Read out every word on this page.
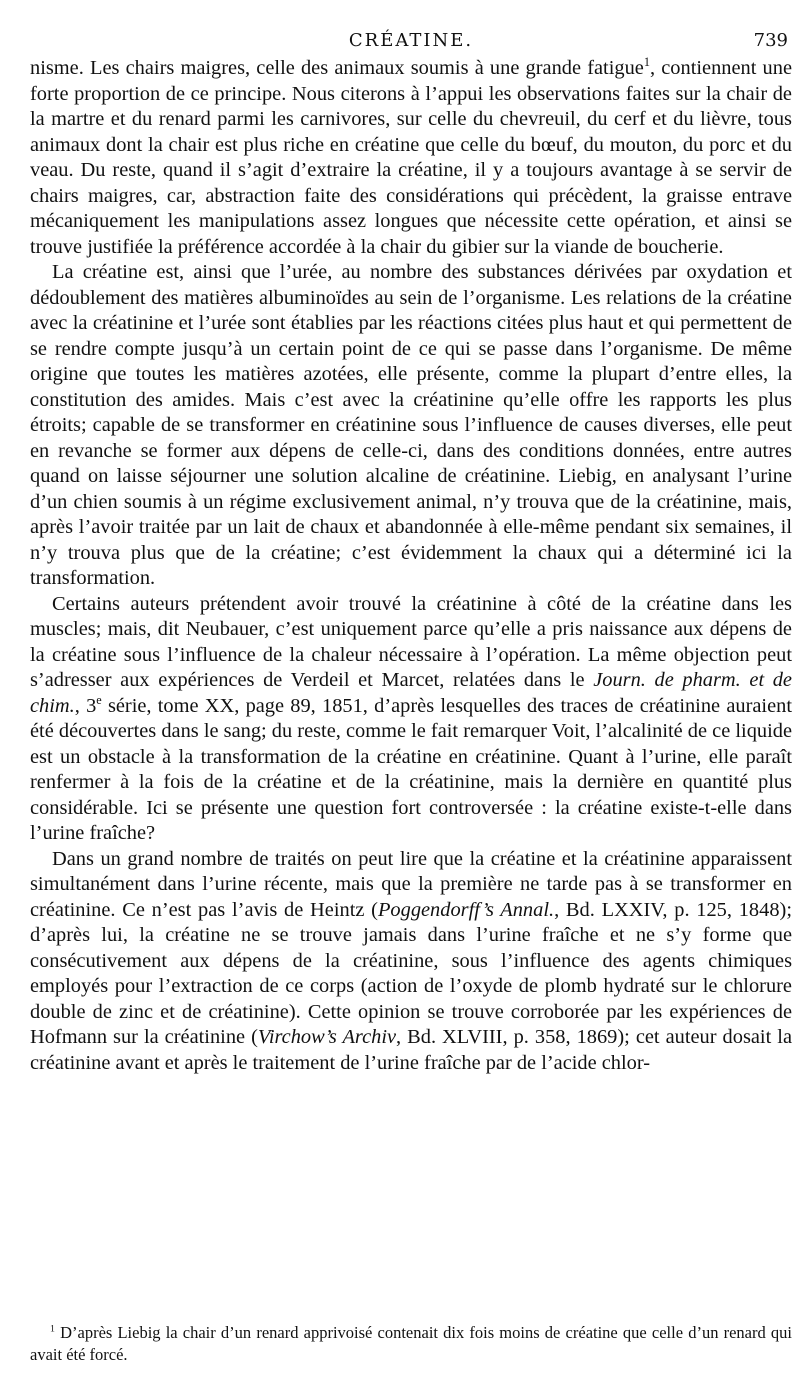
CRÉATINE.	739

nisme. Les chairs maigres, celle des animaux soumis à une grande fatigue$^1$, contiennent une forte proportion de ce principe. Nous citerons à l’appui les observations faites sur la chair de la martre et du renard parmi les carnivores, sur celle du chevreuil, du cerf et du lièvre, tous animaux dont la chair est plus riche en créatine que celle du bœuf, du mouton, du porc et du veau. Du reste, quand il s’agit d’extraire la créatine, il y a toujours avantage à se servir de chairs maigres, car, abstraction faite des considérations qui précèdent, la graisse entrave mécaniquement les manipulations assez longues que nécessite cette opération, et ainsi se trouve justifiée la préférence accordée à la chair du gibier sur la viande de boucherie.

La créatine est, ainsi que l’urée, au nombre des substances dérivées par oxydation et dédoublement des matières albuminoïdes au sein de l’organisme. Les relations de la créatine avec la créatinine et l’urée sont établies par les réactions citées plus haut et qui permettent de se rendre compte jusqu’à un certain point de ce qui se passe dans l’organisme. De même origine que toutes les matières azotées, elle présente, comme la plupart d’entre elles, la constitution des amides. Mais c’est avec la créatinine qu’elle offre les rapports les plus étroits; capable de se transformer en créatinine sous l’influence de causes diverses, elle peut en revanche se former aux dépens de celle-ci, dans des conditions données, entre autres quand on laisse séjourner une solution alcaline de créatinine. Liebig, en analysant l’urine d’un chien soumis à un régime exclusivement animal, n’y trouva que de la créatinine, mais, après l’avoir traitée par un lait de chaux et abandonnée à elle-même pendant six semaines, il n’y trouva plus que de la créatine; c’est évidemment la chaux qui a déterminé ici la transformation.

Certains auteurs prétendent avoir trouvé la créatinine à côté de la créatine dans les muscles; mais, dit Neubauer, c’est uniquement parce qu’elle a pris naissance aux dépens de la créatine sous l’influence de la chaleur nécessaire à l’opération. La même objection peut s’adresser aux expériences de Verdeil et Marcet, relatées dans le Journ. de pharm. et de chim., 3e série, tome XX, page 89, 1851, d’après lesquelles des traces de créatinine auraient été découvertes dans le sang; du reste, comme le fait remarquer Voit, l’alcalinité de ce liquide est un obstacle à la transformation de la créatine en créatinine. Quant à l’urine, elle paraît renfermer à la fois de la créatine et de la créatinine, mais la dernière en quantité plus considérable. Ici se présente une question fort controversée : la créatine existe-t-elle dans l’urine fraîche?

Dans un grand nombre de traités on peut lire que la créatine et la créatinine apparaissent simultanément dans l’urine récente, mais que la première ne tarde pas à se transformer en créatinine. Ce n’est pas l’avis de Heintz (Poggendorff’s Annal., Bd. LXXIV, p. 125, 1848); d’après lui, la créatine ne se trouve jamais dans l’urine fraîche et ne s’y forme que consécutivement aux dépens de la créatinine, sous l’influence des agents chimiques employés pour l’extraction de ce corps (action de l’oxyde de plomb hydraté sur le chlorure double de zinc et de créatinine). Cette opinion se trouve corroborée par les expériences de Hofmann sur la créatinine (Virchow’s Archiv, Bd. XLVIII, p. 358, 1869); cet auteur dosait la créatinine avant et après le traitement de l’urine fraîche par de l’acide chlor-

$^1$ D’après Liebig la chair d’un renard apprivoisé contenait dix fois moins de créatine que celle d’un renard qui avait été forcé.
